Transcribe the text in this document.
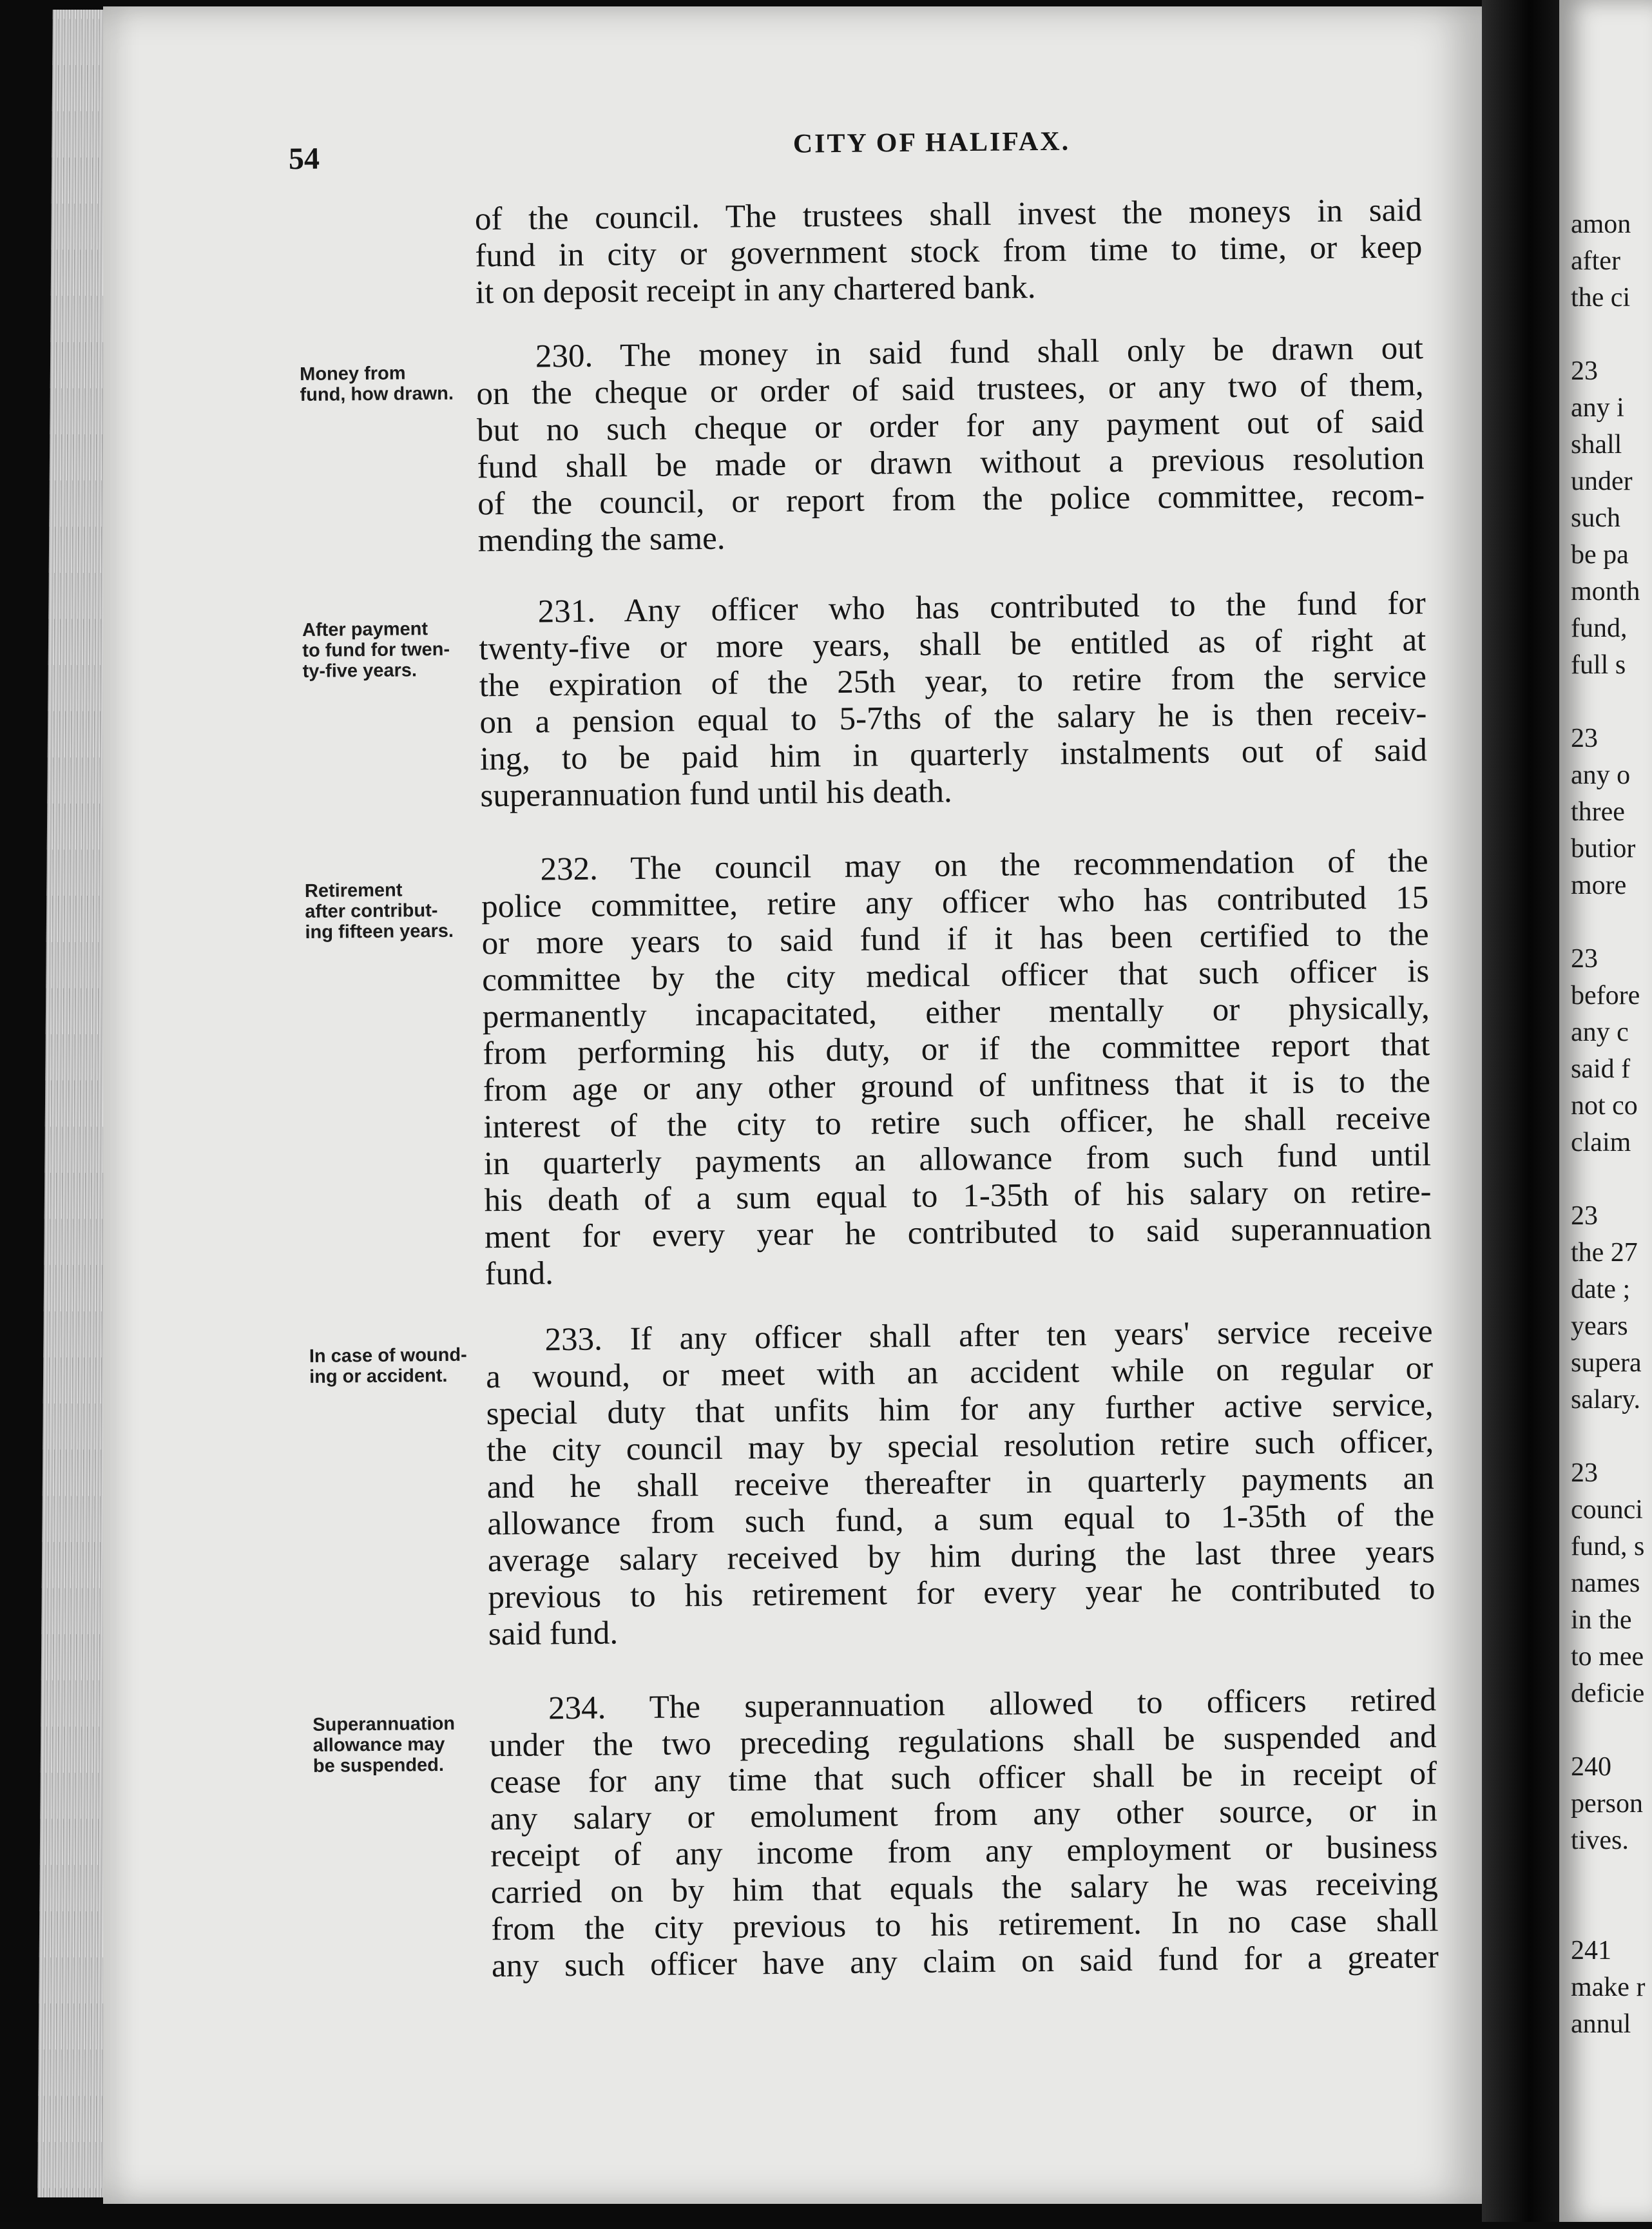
amon
after
the ci

23
any i
shall
under
such
be pa
month
fund,
full s

23
any o
three
butior
more

23
before
any c
said f
not co
claim

23
the 27
date ;
years
supera
salary.

23
counci
fund, s
names
in the
to mee
deficie

240
person
tives.

241
make r
annul
54	CITY OF HALIFAX.
of the council. The trustees shall invest the moneys in said
fund in city or government stock from time to time, or keep
it on deposit receipt in any chartered bank.
Money from
fund, how drawn.
230. The money in said fund shall only be drawn out
on the cheque or order of said trustees, or any two of them,
but no such cheque or order for any payment out of said
fund shall be made or drawn without a previous resolution
of the council, or report from the police committee, recom-
mending the same.
After payment
to fund for twen-
ty-five years.
231. Any officer who has contributed to the fund for
twenty-five or more years, shall be entitled as of right at
the expiration of the 25th year, to retire from the service
on a pension equal to 5-7ths of the salary he is then receiv-
ing, to be paid him in quarterly instalments out of said
superannuation fund until his death.
Retirement
after contribut-
ing fifteen years.
232. The council may on the recommendation of the
police committee, retire any officer who has contributed 15
or more years to said fund if it has been certified to the
committee by the city medical officer that such officer is
permanently incapacitated, either mentally or physically,
from performing his duty, or if the committee report that
from age or any other ground of unfitness that it is to the
interest of the city to retire such officer, he shall receive
in quarterly payments an allowance from such fund until
his death of a sum equal to 1-35th of his salary on retire-
ment for every year he contributed to said superannuation
fund.
In case of wound-
ing or accident.
233. If any officer shall after ten years' service receive
a wound, or meet with an accident while on regular or
special duty that unfits him for any further active service,
the city council may by special resolution retire such officer,
and he shall receive thereafter in quarterly payments an
allowance from such fund, a sum equal to 1-35th of the
average salary received by him during the last three years
previous to his retirement for every year he contributed to
said fund.
Superannuation
allowance may
be suspended.
234. The superannuation allowed to officers retired
under the two preceding regulations shall be suspended and
cease for any time that such officer shall be in receipt of
any salary or emolument from any other source, or in
receipt of any income from any employment or business
carried on by him that equals the salary he was receiving
from the city previous to his retirement. In no case shall
any such officer have any claim on said fund for a greater
